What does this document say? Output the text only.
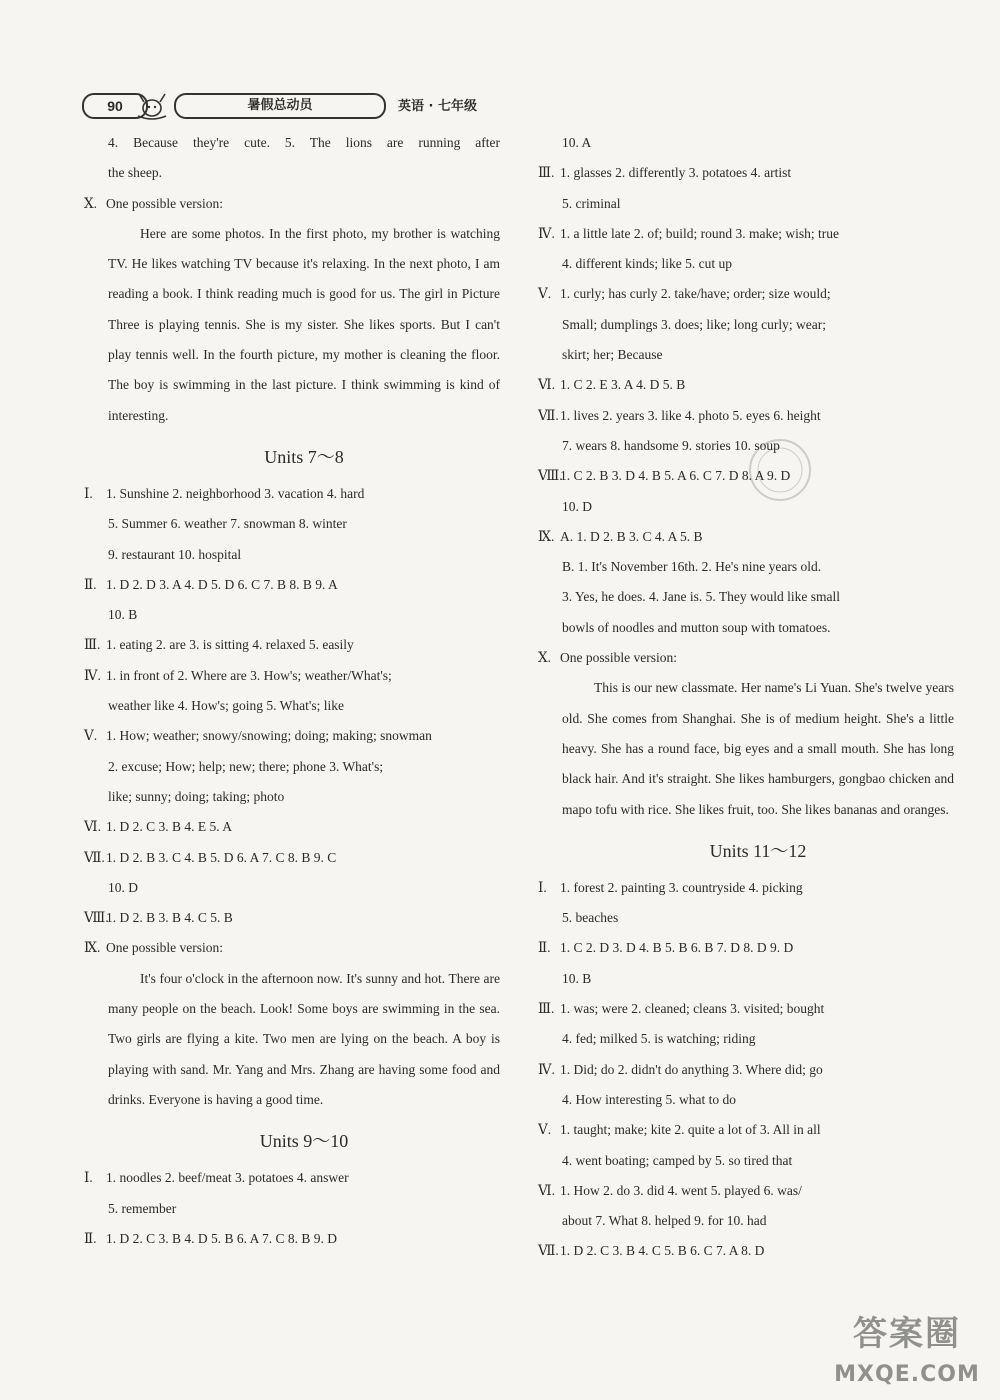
90	暑假总动员	英语 · 七年级
4. Because they're cute. 5. The lions are running after
the sheep.
Ⅹ. One possible version:

Here are some photos. In the first photo, my brother is watching TV. He likes watching TV because it's relaxing. In the next photo, I am reading a book. I think reading much is good for us. The girl in Picture Three is playing tennis. She is my sister. She likes sports. But I can't play tennis well. In the fourth picture, my mother is cleaning the floor. The boy is swimming in the last picture. I think swimming is kind of interesting.

Units 7～8
Ⅰ. 1. Sunshine 2. neighborhood 3. vacation 4. hard
5. Summer 6. weather 7. snowman 8. winter
9. restaurant 10. hospital
Ⅱ. 1. D 2. D 3. A 4. D 5. D 6. C 7. B 8. B 9. A
10. B
Ⅲ. 1. eating 2. are 3. is sitting 4. relaxed 5. easily
Ⅳ. 1. in front of 2. Where are 3. How's; weather/What's;
weather like 4. How's; going 5. What's; like
Ⅴ. 1. How; weather; snowy/snowing; doing; making; snowman
2. excuse; How; help; new; there; phone 3. What's;
like; sunny; doing; taking; photo
Ⅵ. 1. D 2. C 3. B 4. E 5. A
Ⅶ.1. D 2. B 3. C 4. B 5. D 6. A 7. C 8. B 9. C
10. D
Ⅷ.1. D 2. B 3. B 4. C 5. B
Ⅸ. One possible version:

It's four o'clock in the afternoon now. It's sunny and hot. There are many people on the beach. Look! Some boys are swimming in the sea. Two girls are flying a kite. Two men are lying on the beach. A boy is playing with sand. Mr. Yang and Mrs. Zhang are having some food and drinks. Everyone is having a good time.

Units 9～10
Ⅰ. 1. noodles 2. beef/meat 3. potatoes 4. answer
5. remember
Ⅱ. 1. D 2. C 3. B 4. D 5. B 6. A 7. C 8. B 9. D
10. A
Ⅲ. 1. glasses 2. differently 3. potatoes 4. artist
5. criminal
Ⅳ. 1. a little late 2. of; build; round 3. make; wish; true
4. different kinds; like 5. cut up
Ⅴ. 1. curly; has curly 2. take/have; order; size would;
Small; dumplings 3. does; like; long curly; wear;
skirt; her; Because
Ⅵ. 1. C 2. E 3. A 4. D 5. B
Ⅶ.1. lives 2. years 3. like 4. photo 5. eyes 6. height
7. wears 8. handsome 9. stories 10. soup
Ⅷ.1. C 2. B 3. D 4. B 5. A 6. C 7. D 8. A 9. D
10. D
Ⅸ. A. 1. D 2. B 3. C 4. A 5. B
B. 1. It's November 16th. 2. He's nine years old.
3. Yes, he does. 4. Jane is. 5. They would like small
bowls of noodles and mutton soup with tomatoes.
Ⅹ. One possible version:

This is our new classmate. Her name's Li Yuan. She's twelve years old. She comes from Shanghai. She is of medium height. She's a little heavy. She has a round face, big eyes and a small mouth. She has long black hair. And it's straight. She likes hamburgers, gongbao chicken and mapo tofu with rice. She likes fruit, too. She likes bananas and oranges.

Units 11～12
Ⅰ. 1. forest 2. painting 3. countryside 4. picking
5. beaches
Ⅱ. 1. C 2. D 3. D 4. B 5. B 6. B 7. D 8. D 9. D
10. B
Ⅲ. 1. was; were 2. cleaned; cleans 3. visited; bought
4. fed; milked 5. is watching; riding
Ⅳ. 1. Did; do 2. didn't do anything 3. Where did; go
4. How interesting 5. what to do
Ⅴ. 1. taught; make; kite 2. quite a lot of 3. All in all
4. went boating; camped by 5. so tired that
Ⅵ. 1. How 2. do 3. did 4. went 5. played 6. was/
about 7. What 8. helped 9. for 10. had
Ⅶ.1. D 2. C 3. B 4. C 5. B 6. C 7. A 8. D
答案圈
MXQE.COM
